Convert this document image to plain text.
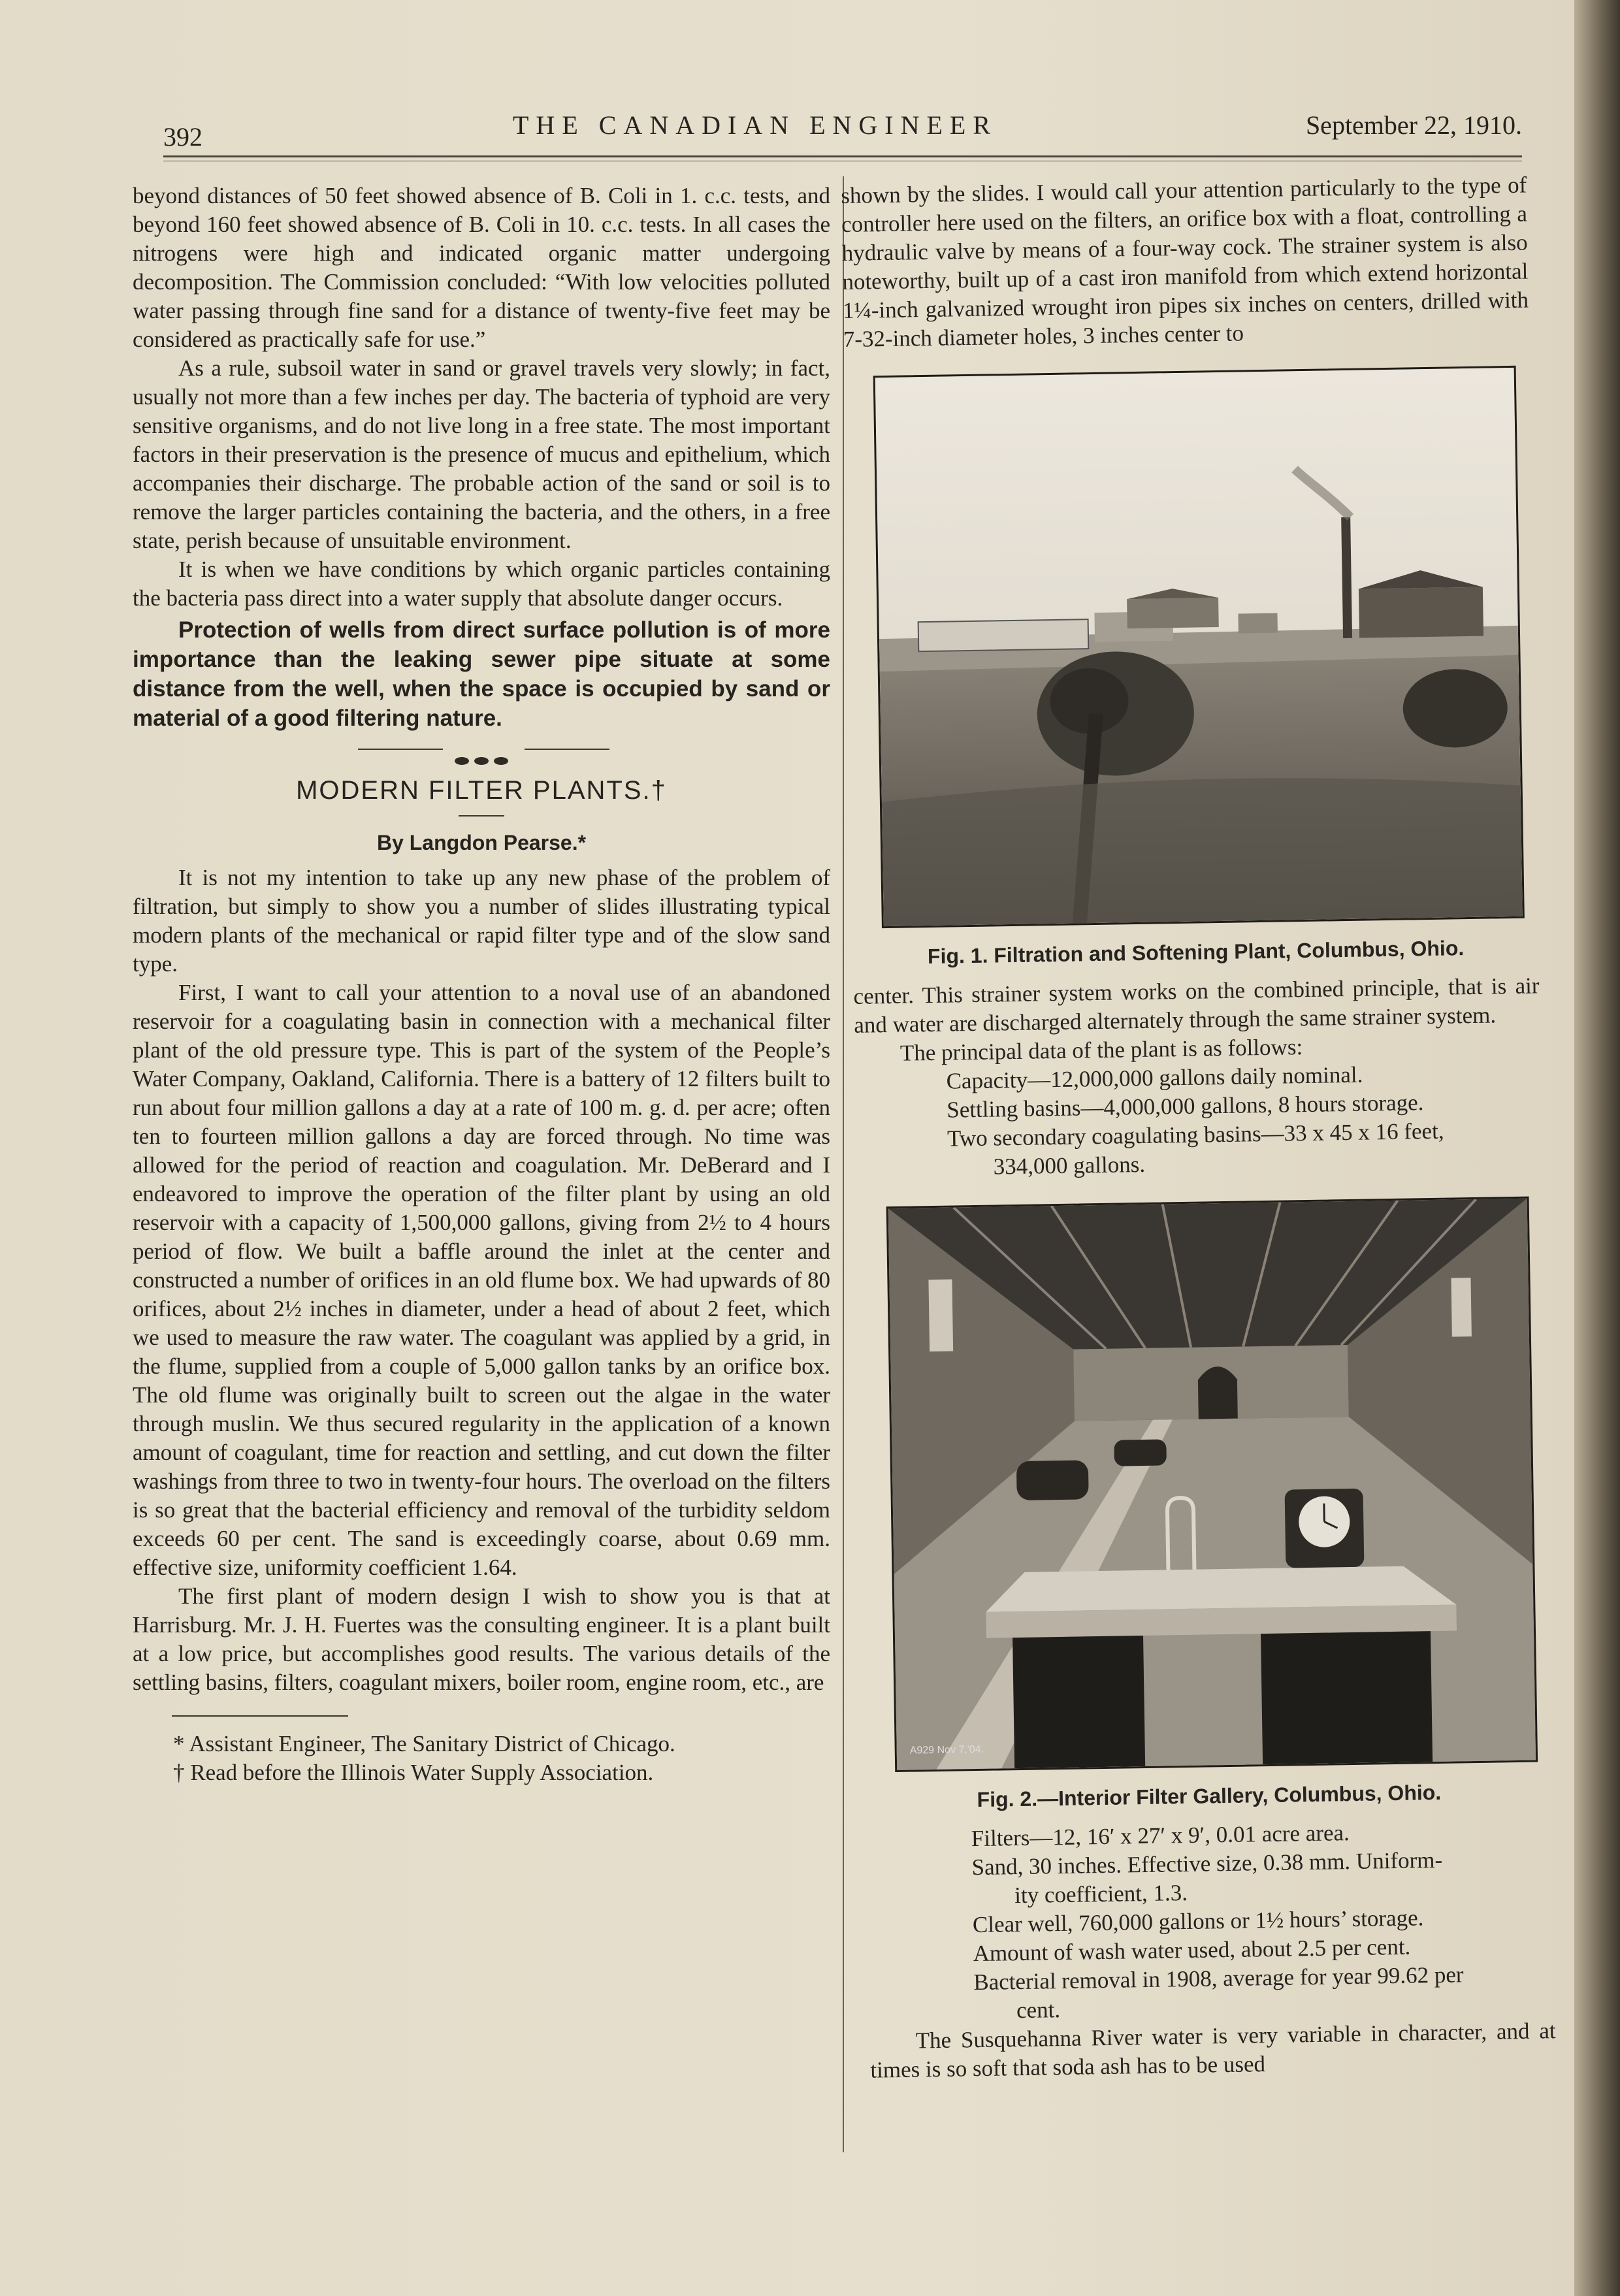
392	THE CANADIAN ENGINEER	September 22, 1910.

beyond distances of 50 feet showed absence of B. Coli in 1. c.c. tests, and beyond 160 feet showed absence of B. Coli in 10. c.c. tests. In all cases the nitrogens were high and indicated organic matter undergoing decomposition. The Commission concluded: “With low velocities polluted water passing through fine sand for a distance of twenty-five feet may be considered as practically safe for use.”

As a rule, subsoil water in sand or gravel travels very slowly; in fact, usually not more than a few inches per day. The bacteria of typhoid are very sensitive organisms, and do not live long in a free state. The most important factors in their preservation is the presence of mucus and epithelium, which accompanies their discharge. The probable action of the sand or soil is to remove the larger particles containing the bacteria, and the others, in a free state, perish because of unsuitable environment.

It is when we have conditions by which organic particles containing the bacteria pass direct into a water supply that absolute danger occurs.

Protection of wells from direct surface pollution is of more importance than the leaking sewer pipe situate at some distance from the well, when the space is occupied by sand or material of a good filtering nature.

MODERN FILTER PLANTS.†
By Langdon Pearse.*

It is not my intention to take up any new phase of the problem of filtration, but simply to show you a number of slides illustrating typical modern plants of the mechanical or rapid filter type and of the slow sand type.

First, I want to call your attention to a noval use of an abandoned reservoir for a coagulating basin in connection with a mechanical filter plant of the old pressure type. This is part of the system of the People’s Water Company, Oakland, California. There is a battery of 12 filters built to run about four million gallons a day at a rate of 100 m. g. d. per acre; often ten to fourteen million gallons a day are forced through. No time was allowed for the period of reaction and coagulation. Mr. DeBerard and I endeavored to improve the operation of the filter plant by using an old reservoir with a capacity of 1,500,000 gallons, giving from 2½ to 4 hours period of flow. We built a baffle around the inlet at the center and constructed a number of orifices in an old flume box. We had upwards of 80 orifices, about 2½ inches in diameter, under a head of about 2 feet, which we used to measure the raw water. The coagulant was applied by a grid, in the flume, supplied from a couple of 5,000 gallon tanks by an orifice box. The old flume was originally built to screen out the algae in the water through muslin. We thus secured regularity in the application of a known amount of coagulant, time for reaction and settling, and cut down the filter washings from three to two in twenty-four hours. The overload on the filters is so great that the bacterial efficiency and removal of the turbidity seldom exceeds 60 per cent. The sand is exceedingly coarse, about 0.69 mm. effective size, uniformity coefficient 1.64.

The first plant of modern design I wish to show you is that at Harrisburg. Mr. J. H. Fuertes was the consulting engineer. It is a plant built at a low price, but accomplishes good results. The various details of the settling basins, filters, coagulant mixers, boiler room, engine room, etc., are

* Assistant Engineer, The Sanitary District of Chicago.

† Read before the Illinois Water Supply Association.

shown by the slides. I would call your attention particularly to the type of controller here used on the filters, an orifice box with a float, controlling a hydraulic valve by means of a four-way cock. The strainer system is also noteworthy, built up of a cast iron manifold from which extend horizontal 1¼-inch galvanized wrought iron pipes six inches on centers, drilled with 7-32-inch diameter holes, 3 inches center to

Fig. 1. Filtration and Softening Plant, Columbus, Ohio.

center. This strainer system works on the combined principle, that is air and water are discharged alternately through the same strainer system.

The principal data of the plant is as follows:

Capacity—12,000,000 gallons daily nominal.

Settling basins—4,000,000 gallons, 8 hours storage.

Two secondary coagulating basins—33 x 45 x 16 feet,

334,000 gallons.

A929 Nov 7,'04.
Fig. 2.—Interior Filter Gallery, Columbus, Ohio.

Filters—12, 16′ x 27′ x 9′, 0.01 acre area.

Sand, 30 inches. Effective size, 0.38 mm. Uniform-

ity coefficient, 1.3.

Clear well, 760,000 gallons or 1½ hours’ storage.

Amount of wash water used, about 2.5 per cent.

Bacterial removal in 1908, average for year 99.62 per

cent.

The Susquehanna River water is very variable in character, and at times is so soft that soda ash has to be used
